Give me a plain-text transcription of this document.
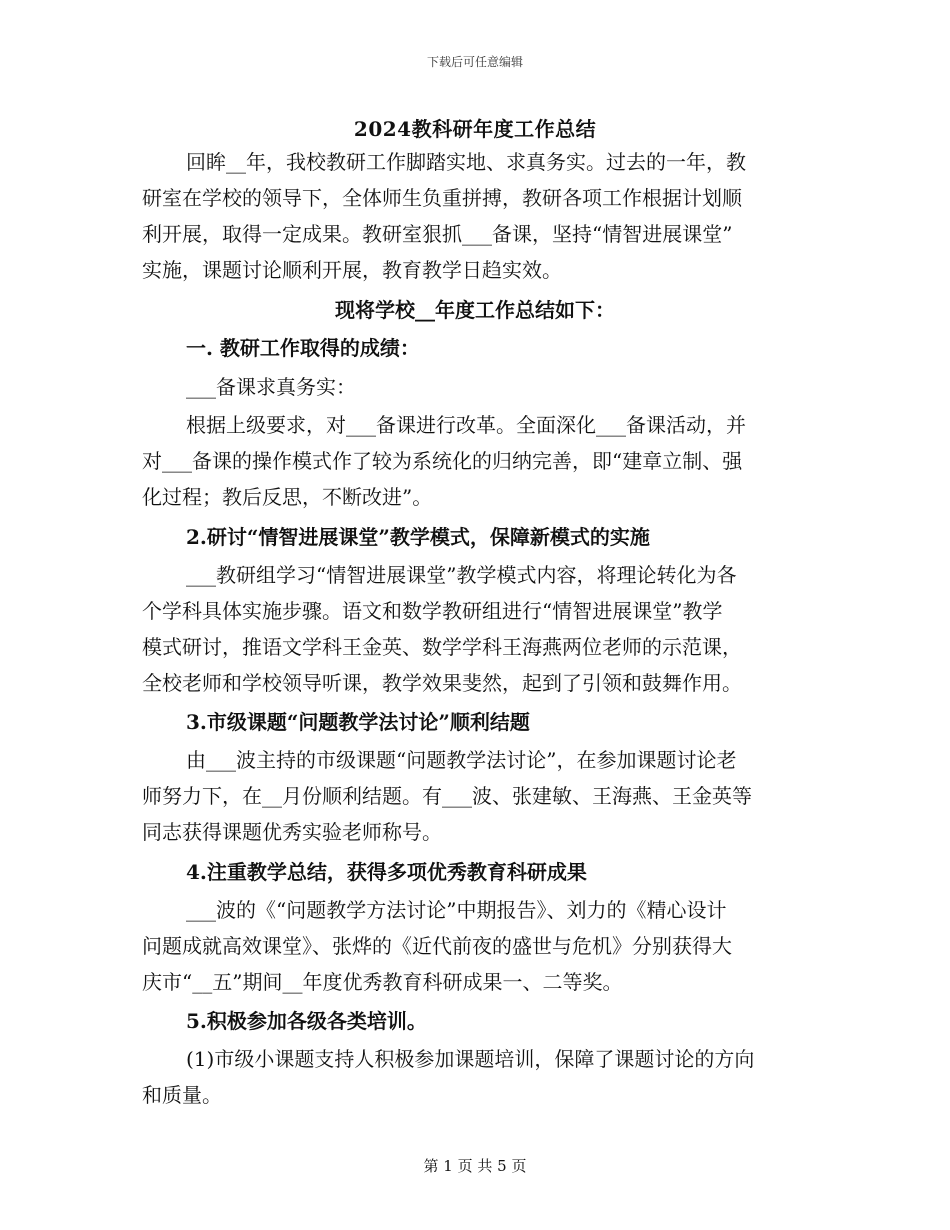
下载后可任意编辑
2024教科研年度工作总结
回眸__年，我校教研工作脚踏实地、求真务实。过去的一年，教
研室在学校的领导下，全体师生负重拼搏，教研各项工作根据计划顺
利开展，取得一定成果。教研室狠抓___备课，坚持“情智进展课堂”
实施，课题讨论顺利开展，教育教学日趋实效。
现将学校__年度工作总结如下：
一. 教研工作取得的成绩：
___备课求真务实：
根据上级要求，对___备课进行改革。全面深化___备课活动，并
对___备课的操作模式作了较为系统化的归纳完善，即“建章立制、强
化过程；教后反思，不断改进”。
2.研讨“情智进展课堂”教学模式，保障新模式的实施
___教研组学习“情智进展课堂”教学模式内容，将理论转化为各
个学科具体实施步骤。语文和数学教研组进行“情智进展课堂”教学
模式研讨，推语文学科王金英、数学学科王海燕两位老师的示范课，
全校老师和学校领导听课，教学效果斐然，起到了引领和鼓舞作用。
3.市级课题“问题教学法讨论”顺利结题
由___波主持的市级课题“问题教学法讨论”，在参加课题讨论老
师努力下，在__月份顺利结题。有___波、张建敏、王海燕、王金英等
同志获得课题优秀实验老师称号。
4.注重教学总结，获得多项优秀教育科研成果
___波的《“问题教学方法讨论”中期报告》、刘力的《精心设计
问题成就高效课堂》、张烨的《近代前夜的盛世与危机》分别获得大
庆市“__五”期间__年度优秀教育科研成果一、二等奖。
5.积极参加各级各类培训。
(1)市级小课题支持人积极参加课题培训，保障了课题讨论的方向
和质量。
第 1 页 共 5 页
